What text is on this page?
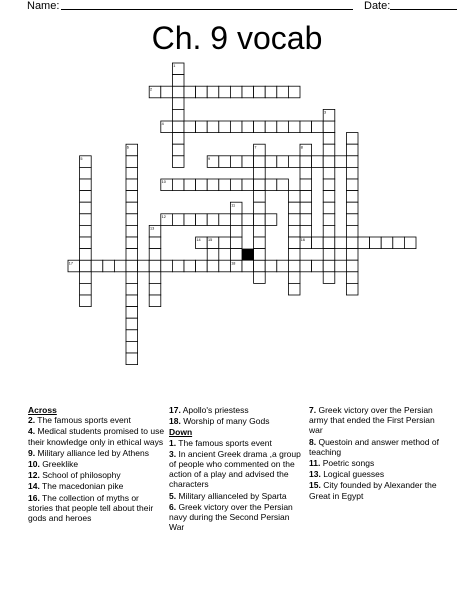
Name:	Date:
Ch. 9 vocab
2
4
9
10
12
14 15	16
17	18
1
3
5
6	7	8
11
13
Across
2. The famous sports event
4. Medical students promised to use their knowledge only in ethical ways
9. Military alliance led by Athens
10. Greeklike
12. School of philosophy
14. The macedonian pike
16. The collection of myths or stories that people tell about their gods and heroes
17. Apollo's priestess
18. Worship of many Gods
Down
1. The famous sports event
3. In ancient Greek drama ,a group of people who commented on the action of a play and advised the characters
5. Military allianceled by Sparta
6. Greek victory over the Persian navy during the Second Persian War
7. Greek victory over the Persian army that ended the First Persian war
8. Questoin and answer method of teaching
11. Poetric songs
13. Logical guesses
15. City founded by Alexander the Great in Egypt
